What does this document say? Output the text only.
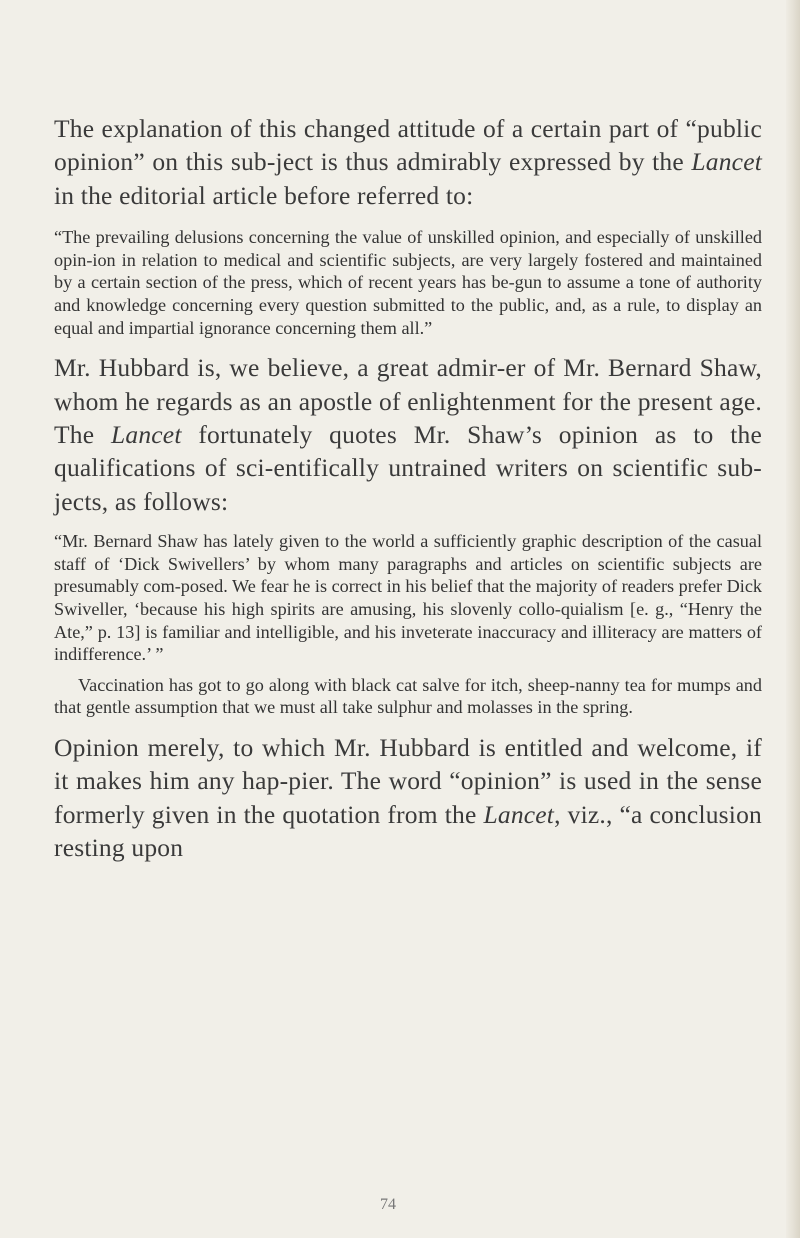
The explanation of this changed attitude of a certain part of “public opinion” on this sub-ject is thus admirably expressed by the Lancet in the editorial article before referred to:

“The prevailing delusions concerning the value of unskilled opinion, and especially of unskilled opin-ion in relation to medical and scientific subjects, are very largely fostered and maintained by a certain section of the press, which of recent years has be-gun to assume a tone of authority and knowledge concerning every question submitted to the public, and, as a rule, to display an equal and impartial ignorance concerning them all.”

Mr. Hubbard is, we believe, a great admir-er of Mr. Bernard Shaw, whom he regards as an apostle of enlightenment for the present age. The Lancet fortunately quotes Mr. Shaw’s opinion as to the qualifications of sci-entifically untrained writers on scientific sub-jects, as follows:

“Mr. Bernard Shaw has lately given to the world a sufficiently graphic description of the casual staff of ‘Dick Swivellers’ by whom many paragraphs and articles on scientific subjects are presumably com-posed. We fear he is correct in his belief that the majority of readers prefer Dick Swiveller, ‘because his high spirits are amusing, his slovenly collo-quialism [e. g., “Henry the Ate,” p. 13] is familiar and intelligible, and his inveterate inaccuracy and illiteracy are matters of indifference.’ ”

Vaccination has got to go along with black cat salve for itch, sheep-nanny tea for mumps and that gentle assumption that we must all take sulphur and molasses in the spring.

Opinion merely, to which Mr. Hubbard is entitled and welcome, if it makes him any hap-pier. The word “opinion” is used in the sense formerly given in the quotation from the Lancet, viz., “a conclusion resting upon

74
